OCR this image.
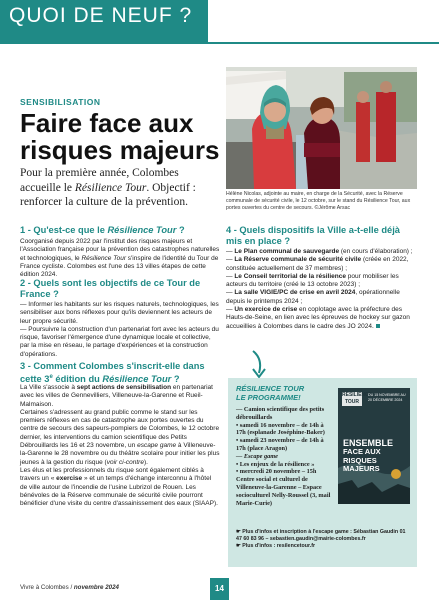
QUOI DE NEUF ?
SENSIBILISATION
Faire face aux risques majeurs
Pour la première année, Colombes accueille le Résilience Tour. Objectif : renforcer la culture de la prévention.
Hélène Nicolas, adjointe au maire, en charge de la Sécurité, avec la Réserve communale de sécurité civile, le 12 octobre, sur le stand du Résilience Tour, aux portes ouvertes du centre de secours. ©Jérôme Arsac
1 - Qu'est-ce que le Résilience Tour ?

Coorganisé depuis 2022 par l'institut des risques majeurs et l'Association française pour la prévention des catastrophes naturelles et technologiques, le Résilience Tour s'inspire de l'identité du Tour de France cycliste. Colombes est l'une des 13 villes étapes de cette édition 2024.

2 - Quels sont les objectifs de ce Tour de France ?

— Informer les habitants sur les risques naturels, technologiques, les sensibiliser aux bons réflexes pour qu'ils deviennent les acteurs de leur propre sécurité.

— Poursuivre la construction d'un partenariat fort avec les acteurs du risque, favoriser l'émergence d'une dynamique locale et collective, par la mise en réseau, le partage d'expériences et la construction d'opérations.

3 - Comment Colombes s'inscrit-elle dans cette 3e édition du Résilience Tour ?

La Ville s'associe à sept actions de sensibilisation en partenariat avec les villes de Gennevilliers, Villeneuve-la-Garenne et Rueil-Malmaison.

Certaines s'adressent au grand public comme le stand sur les premiers réflexes en cas de catastrophe aux portes ouvertes du centre de secours des sapeurs-pompiers de Colombes, le 12 octobre dernier, les interventions du camion scientifique des Petits Débrouillards les 16 et 23 novembre, un escape game à Villeneuve-la-Garenne le 28 novembre ou du théâtre scolaire pour initier les plus jeunes à la gestion du risque (voir ci-contre).

Les élus et les professionnels du risque sont également ciblés à travers un « exercise » et un temps d'échange interconnu à l'hôtel de ville autour de l'incendie de l'usine Lubrizol de Rouen. Les bénévoles de la Réserve communale de sécurité civile pourront bénéficier d'une visite du centre d'assainissement des eaux (SIAAP).

4 - Quels dispositifs la Ville a-t-elle déjà mis en place ?

— Le Plan communal de sauvegarde (en cours d'élaboration) ;

— La Réserve communale de sécurité civile (créée en 2022, constituée actuellement de 37 membres) ;

— Le Conseil territorial de la résilience pour mobiliser les acteurs du territoire (créé le 13 octobre 2023) ;

— La salle VIGIE/PC de crise en avril 2024, opérationnelle depuis le printemps 2024 ;

— Un exercice de crise en coplotage avec la préfecture des Hauts-de-Seine, en lien avec les épreuves de hockey sur gazon accueillies à Colombes dans le cadre des JO 2024.

RÉSILIENCE TOUR
LE PROGRAMME!

— Camion scientifique des petits débrouillards

• samedi 16 novembre – de 14h à 17h (esplanade Joséphine-Baker)

• samedi 23 novembre – de 14h à 17h (place Aragon)

— Escape game

• Les enjeux de la résilience »

• mercredi 20 novembre – 15h

Centre social et culturel de Villeneuve-la-Garenne – Espace socioculturel Nelly-Roussel (3, mail Marie-Curie)

☛ Plus d'infos et inscription à l'escape game : Sébastian Gaudin 01 47 60 83 96 – sebastien.gaudin@mairie-colombes.fr

☛ Plus d'infos : resilencetour.fr

RÉSILIENCE TOUR
DU 15 NOVEMBRE AU 20 DÉCEMBRE 2024
ENSEMBLE
FACE AUX RISQUES MAJEURS
Vivre à Colombes / novembre 2024	14
